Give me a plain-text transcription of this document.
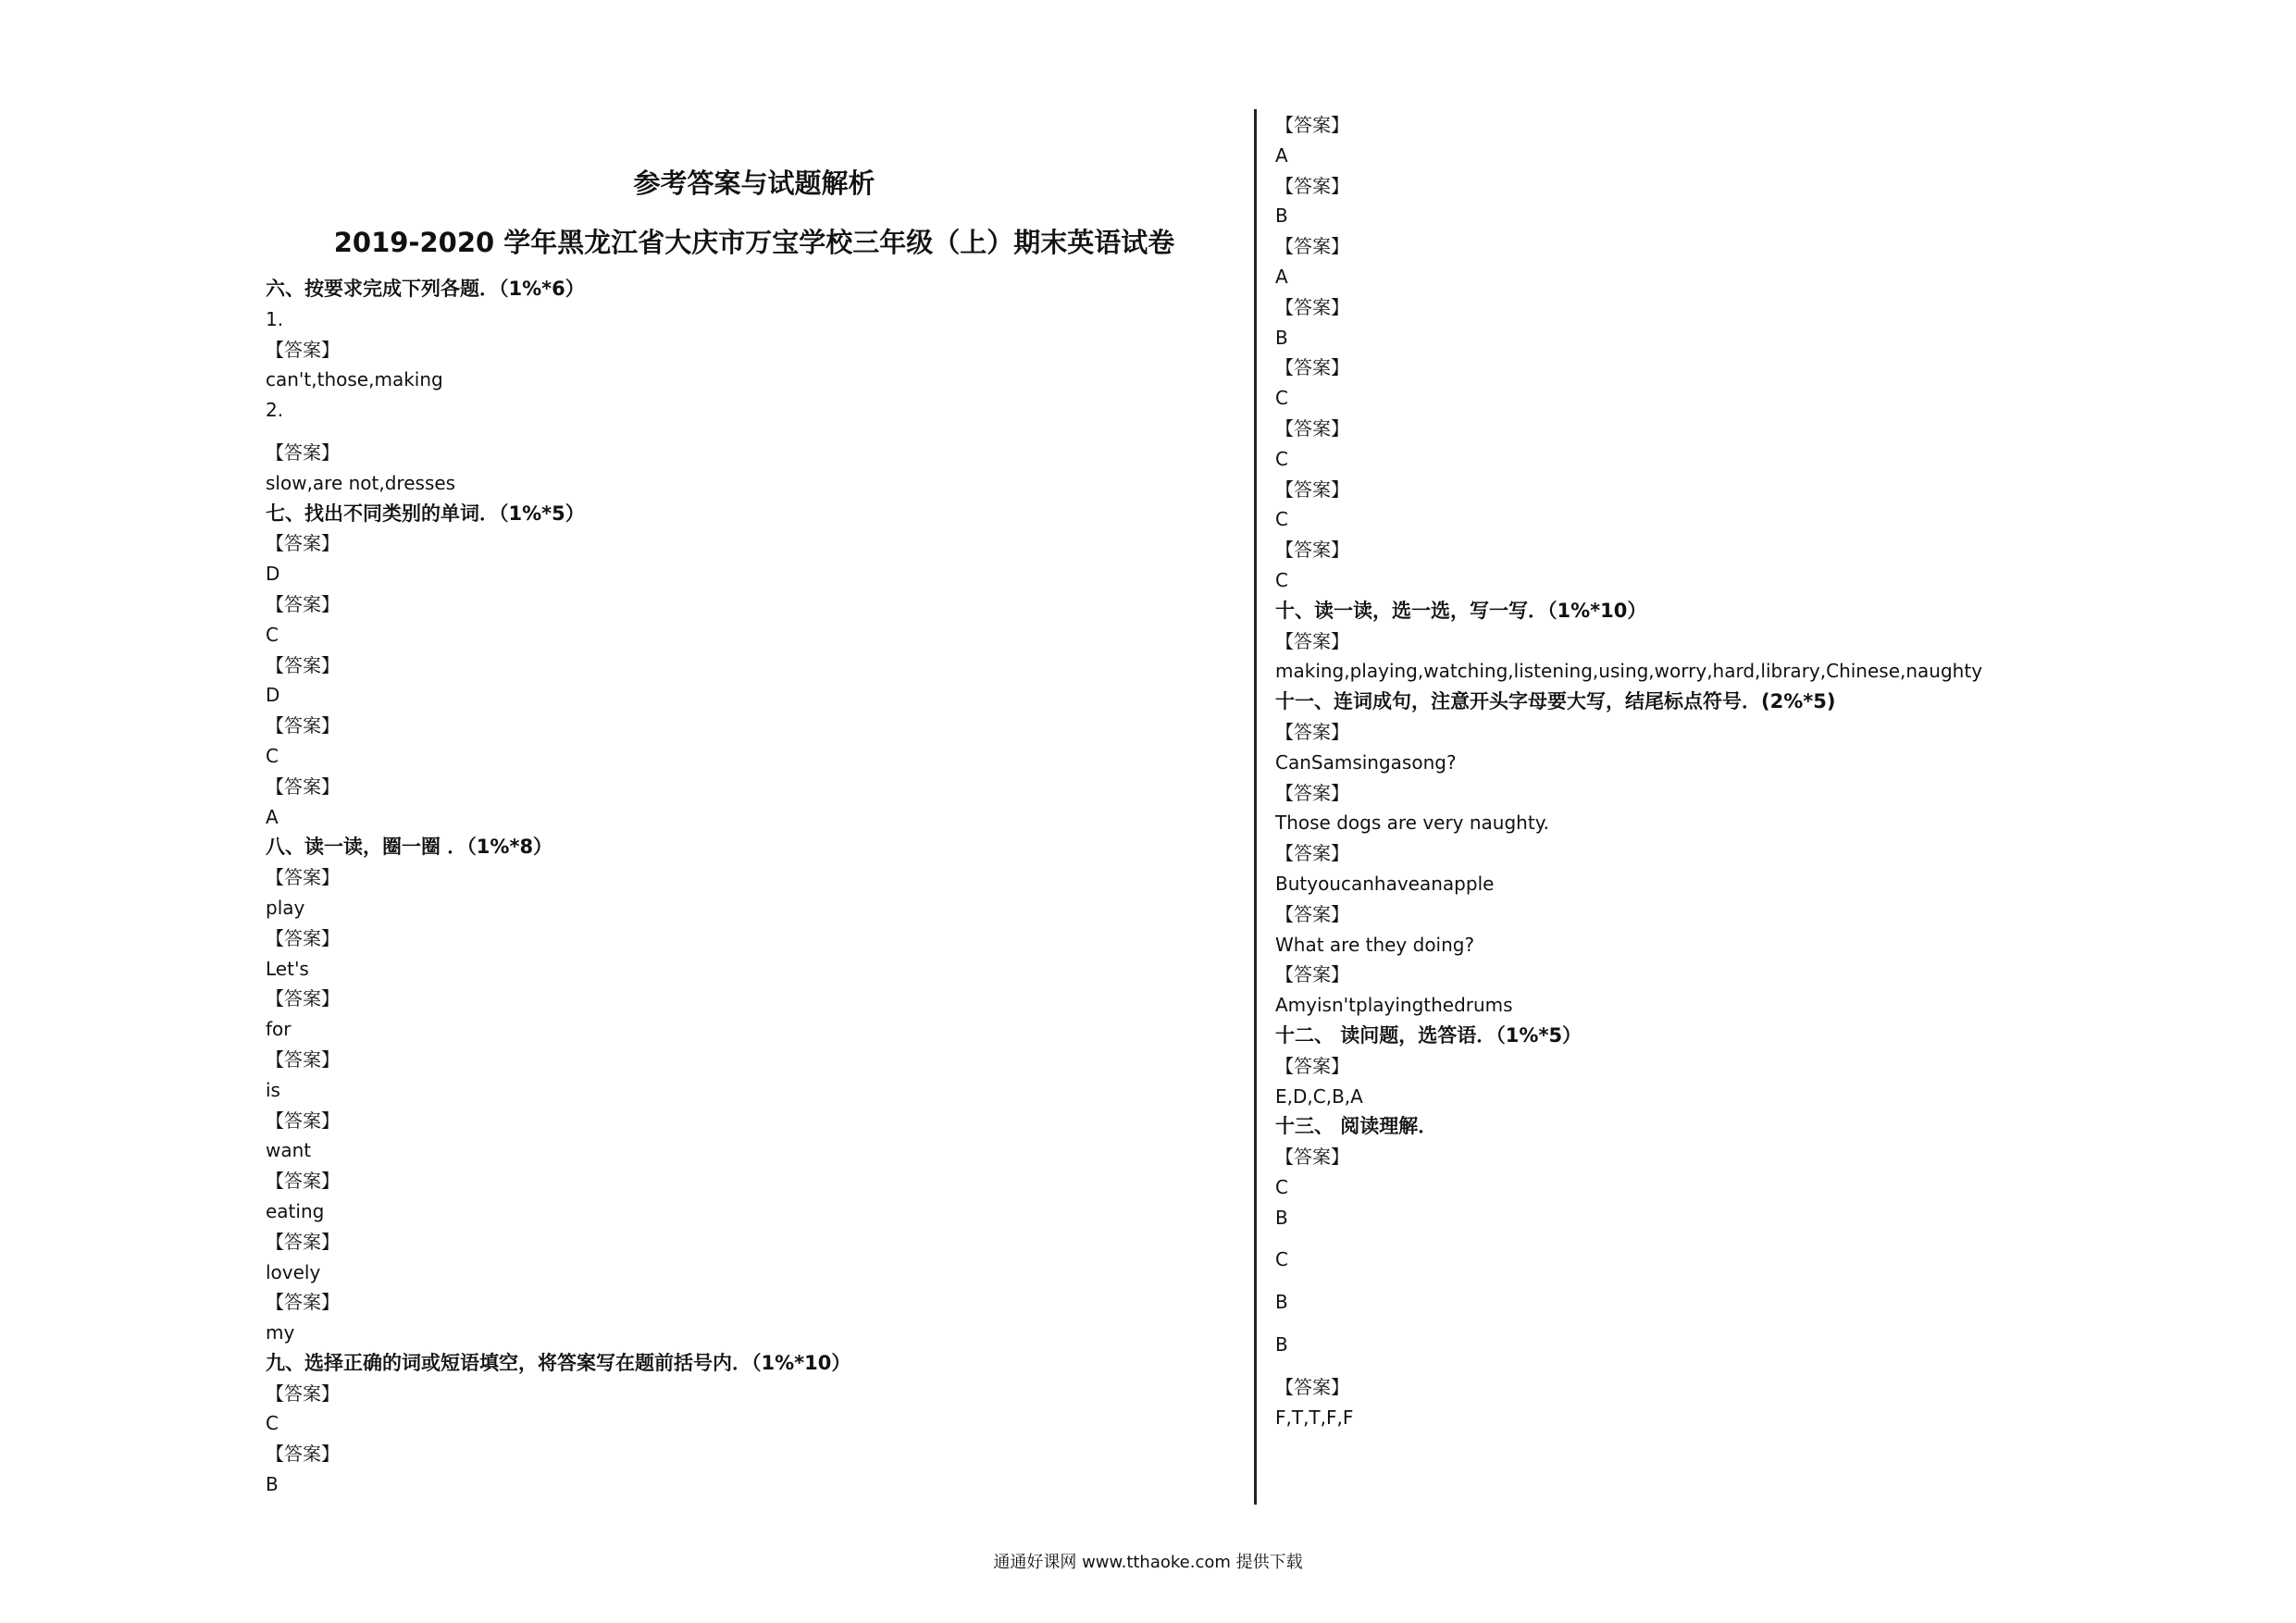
参考答案与试题解析
2019-2020 学年黑龙江省大庆市万宝学校三年级（上）期末英语试卷
六、按要求完成下列各题．（1%*6）
1.
【答案】
can't,those,making
2.
【答案】
slow,are not,dresses
七、找出不同类别的单词．（1%*5）
【答案】
D
【答案】
C
【答案】
D
【答案】
C
【答案】
A
八、读一读，圈一圈 ．（1%*8）
【答案】
play
【答案】
Let's
【答案】
for
【答案】
is
【答案】
want
【答案】
eating
【答案】
lovely
【答案】
my
九、选择正确的词或短语填空，将答案写在题前括号内．（1%*10）
【答案】
C
【答案】
B
【答案】
A
【答案】
B
【答案】
A
【答案】
B
【答案】
C
【答案】
C
【答案】
C
【答案】
C
十、读一读，选一选，写一写．（1%*10）
【答案】
making,playing,watching,listening,using,worry,hard,library,Chinese,naughty
十一、连词成句，注意开头字母要大写，结尾标点符号．(2%*5)
【答案】
CanSamsingasong?
【答案】
Those dogs are very naughty.
【答案】
Butyoucanhaveanapple
【答案】
What are they doing?
【答案】
Amyisn'tplayingthedrums
十二、 读问题，选答语．（1%*5）
【答案】
E,D,C,B,A
十三、 阅读理解．
【答案】
C
B
C
B
B
【答案】
F,T,T,F,F
通通好课网 www.tthaoke.com 提供下载
